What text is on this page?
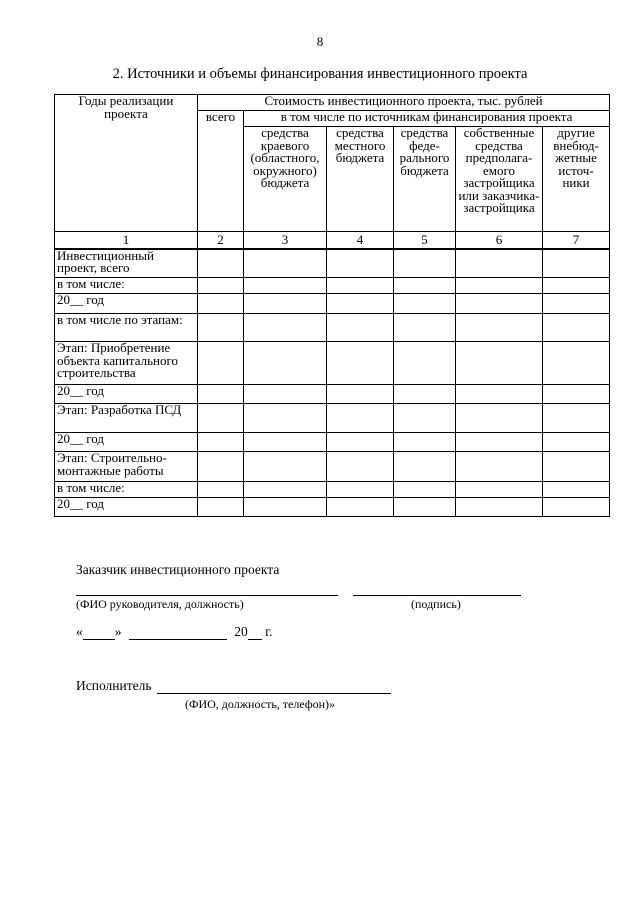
8
2. Источники и объемы финансирования инвестиционного проекта
Годы реализации проекта	Стоимость инвестиционного проекта, тыс. рублей					
	всего	в том числе по источникам финансирования проекта				
		средства краевого (областного, окружного) бюджета	средства местного бюджета	средства феде-рального бюджета	собственные средства предполага-емого застройщика или заказчика-застройщика	другие внебюд-жетные источ-ники
1	2	3	4	5	6	7
Инвестиционный проект, всего						
в том числе:						
20__ год						
в том числе по этапам:						
Этап: Приобретение объекта капитального строительства						
20__ год						
Этап: Разработка ПСД						
20__ год						
Этап: Строительно-монтажные работы						
в том числе:						
20__ год						
Заказчик инвестиционного проекта

(ФИО руководителя, должность)	(подпись)
« »	20 г.
Исполнитель
(ФИО, должность, телефон)»
